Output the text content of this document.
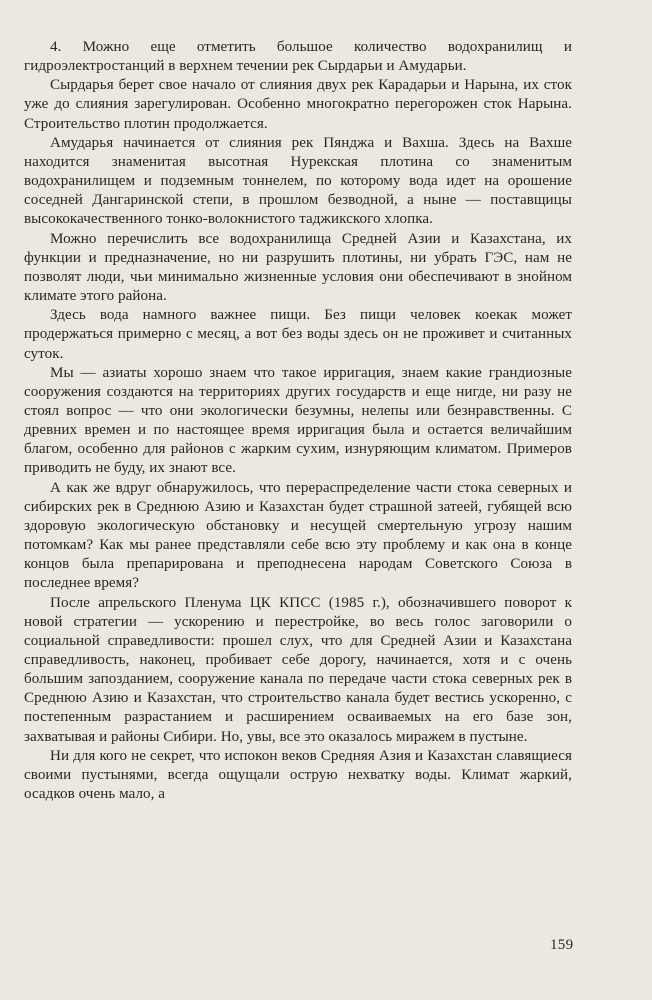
4. Можно еще отметить большое количество водохранилищ и гидроэлектростанций в верхнем течении рек Сырдарьи и Амударьи.

Сырдарья берет свое начало от слияния двух рек Карадарьи и Нарына, их сток уже до слияния зарегулирован. Особенно многократно перегорожен сток Нарына. Строительство плотин продолжается.

Амударья начинается от слияния рек Пянджа и Вахша. Здесь на Вахше находится знаменитая высотная Нурекская плотина со знаменитым водохранилищем и подземным тоннелем, по которому вода идет на орошение соседней Дангаринской степи, в прошлом безводной, а ныне — поставщицы высококачественного тонко-волокнистого таджикского хлопка.

Можно перечислить все водохранилища Средней Азии и Казахстана, их функции и предназначение, но ни разрушить плотины, ни убрать ГЭС, нам не позволят люди, чьи минимально жизненные условия они обеспечивают в знойном климате этого района.

Здесь вода намного важнее пищи. Без пищи человек коекак может продержаться примерно с месяц, а вот без воды здесь он не проживет и считанных суток.

Мы — азиаты хорошо знаем что такое ирригация, знаем какие грандиозные сооружения создаются на территориях других государств и еще нигде, ни разу не стоял вопрос — что они экологически безумны, нелепы или безнравственны. С древних времен и по настоящее время ирригация была и остается величайшим благом, особенно для районов с жарким сухим, изнуряющим климатом. Примеров приводить не буду, их знают все.

А как же вдруг обнаружилось, что перераспределение части стока северных и сибирских рек в Среднюю Азию и Казахстан будет страшной затеей, губящей всю здоровую экологическую обстановку и несущей смертельную угрозу нашим потомкам? Как мы ранее представляли себе всю эту проблему и как она в конце концов была препарирована и преподнесена народам Советского Союза в последнее время?

После апрельского Пленума ЦК КПСС (1985 г.), обозначившего поворот к новой стратегии — ускорению и перестройке, во весь голос заговорили о социальной справедливости: прошел слух, что для Средней Азии и Казахстана справедливость, наконец, пробивает себе дорогу, начинается, хотя и с очень большим запозданием, сооружение канала по передаче части стока северных рек в Среднюю Азию и Казахстан, что строительство канала будет вестись ускоренно, с постепенным разрастанием и расширением осваиваемых на его базе зон, захватывая и районы Сибири. Но, увы, все это оказалось миражем в пустыне.

Ни для кого не секрет, что испокон веков Средняя Азия и Казахстан славящиеся своими пустынями, всегда ощущали острую нехватку воды. Климат жаркий, осадков очень мало, а

159
